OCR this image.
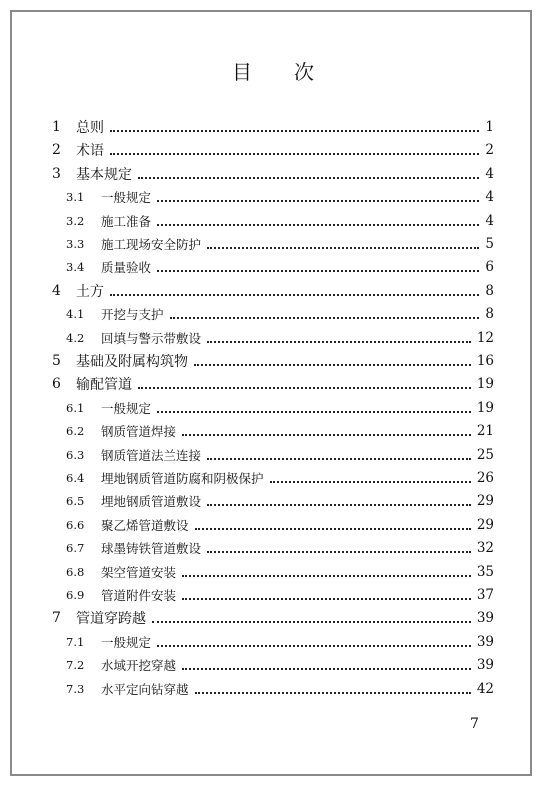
目 次
1 总则	1
2 术语	2
3 基本规定	4
3.1 一般规定	4
3.2 施工准备	4
3.3 施工现场安全防护	5
3.4 质量验收	6
4 土方	8
4.1 开挖与支护	8
4.2 回填与警示带敷设	12
5 基础及附属构筑物	16
6 输配管道	19
6.1 一般规定	19
6.2 钢质管道焊接	21
6.3 钢质管道法兰连接	25
6.4 埋地钢质管道防腐和阴极保护	26
6.5 埋地钢质管道敷设	29
6.6 聚乙烯管道敷设	29
6.7 球墨铸铁管道敷设	32
6.8 架空管道安装	35
6.9 管道附件安装	37
7 管道穿跨越	39
7.1 一般规定	39
7.2 水域开挖穿越	39
7.3 水平定向钻穿越	42
7
